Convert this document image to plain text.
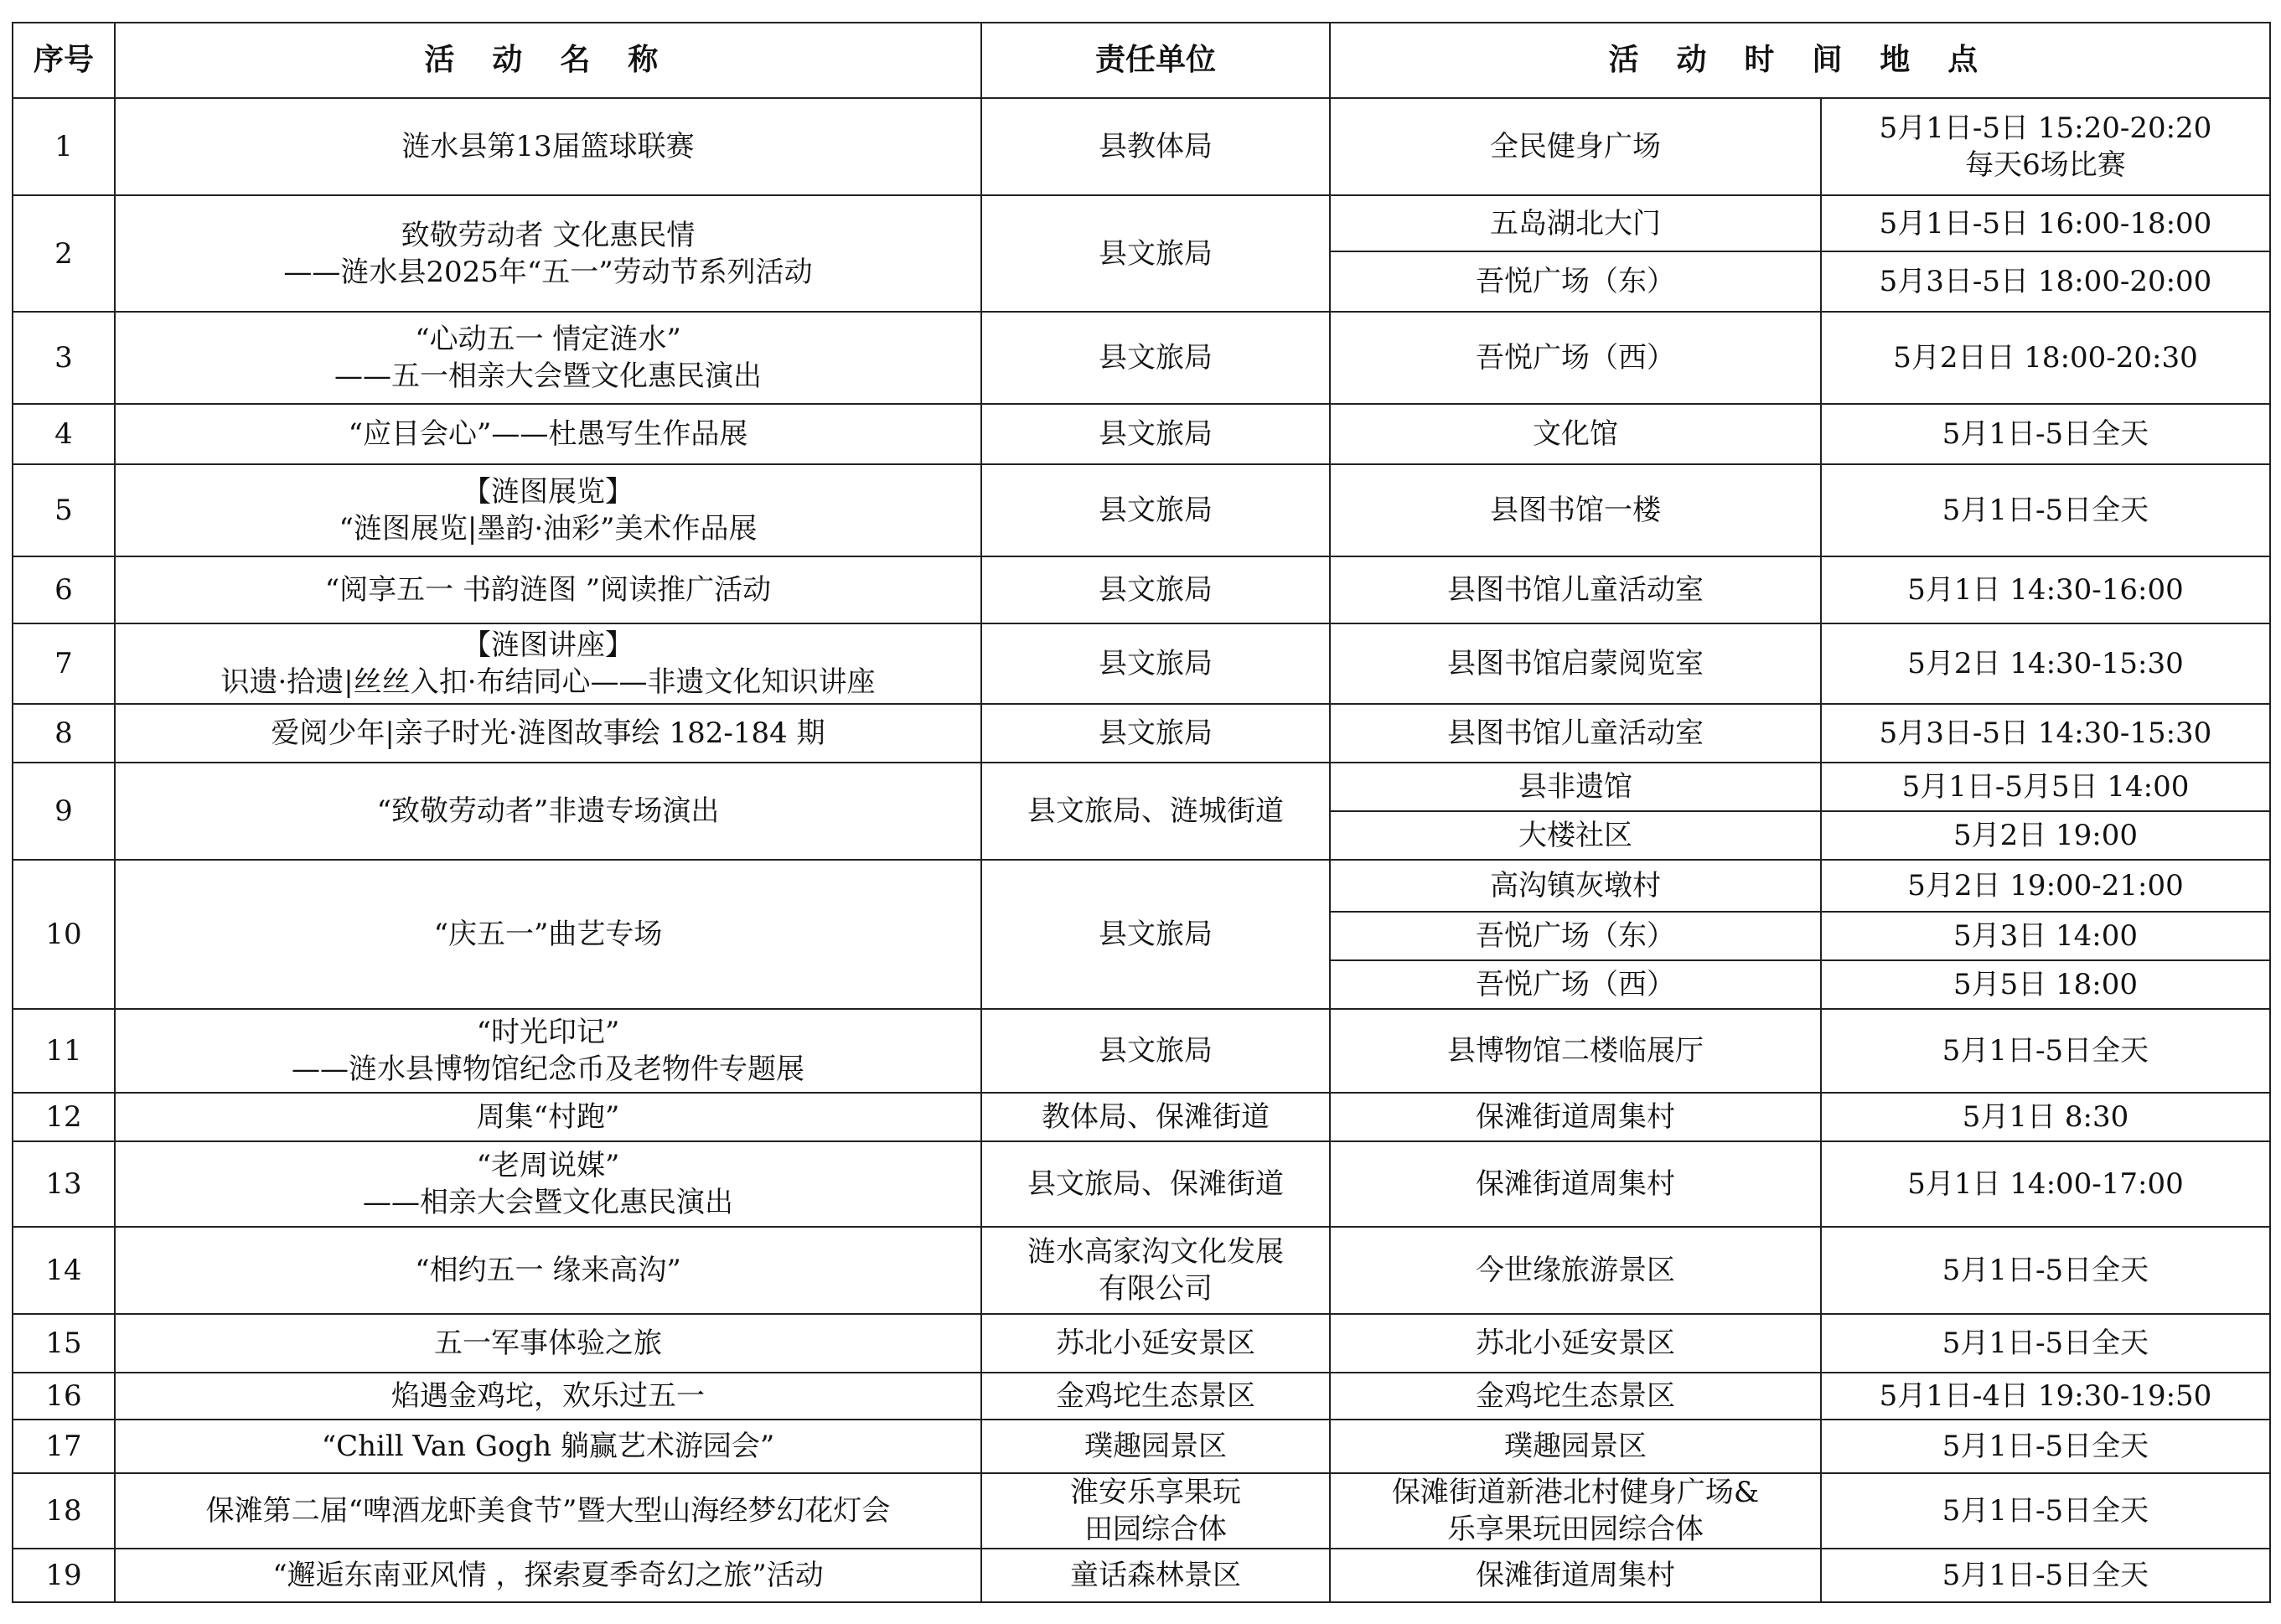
序号	活 动 名 称	责任单位	活 动 时 间 地 点	
1	涟水县第13届篮球联赛	县教体局	全民健身广场	5月1日-5日 15:20-20:20
每天6场比赛

2	致敬劳动者 文化惠民情
——涟水县2025年“五一”劳动节系列活动	县文旅局	五岛湖北大门	5月1日-5日 16:00-18:00

			吾悦广场（东）	5月3日-5日 18:00-20:00

3	“心动五一 情定涟水”
——五一相亲大会暨文化惠民演出	县文旅局	吾悦广场（西）	5月2日日 18:00-20:30

4	“应目会心”——杜愚写生作品展	县文旅局	文化馆	5月1日-5日全天

5	【涟图展览】
“涟图展览|墨韵·油彩”美术作品展	县文旅局	县图书馆一楼	5月1日-5日全天

6	“阅享五一 书韵涟图 ”阅读推广活动	县文旅局	县图书馆儿童活动室	5月1日 14:30-16:00

7	【涟图讲座】
识遗·拾遗|丝丝入扣·布结同心——非遗文化知识讲座	县文旅局	县图书馆启蒙阅览室	5月2日 14:30-15:30

8	爱阅少年|亲子时光·涟图故事绘 182-184 期	县文旅局	县图书馆儿童活动室	5月3日-5日 14:30-15:30

9	“致敬劳动者”非遗专场演出	县文旅局、涟城街道	县非遗馆	5月1日-5月5日 14:00

			大楼社区	5月2日 19:00

10	“庆五一”曲艺专场	县文旅局	高沟镇灰墩村	5月2日 19:00-21:00

			吾悦广场（东）	5月3日 14:00

			吾悦广场（西）	5月5日 18:00

11	“时光印记”
——涟水县博物馆纪念币及老物件专题展	县文旅局	县博物馆二楼临展厅	5月1日-5日全天

12	周集“村跑”	教体局、保滩街道	保滩街道周集村	5月1日 8:30

13	“老周说媒”
——相亲大会暨文化惠民演出	县文旅局、保滩街道	保滩街道周集村	5月1日 14:00-17:00

14	“相约五一 缘来高沟”	涟水高家沟文化发展
有限公司	今世缘旅游景区	5月1日-5日全天

15	五一军事体验之旅	苏北小延安景区	苏北小延安景区	5月1日-5日全天

16	焰遇金鸡坨，欢乐过五一	金鸡坨生态景区	金鸡坨生态景区	5月1日-4日 19:30-19:50

17	“Chill Van Gogh 躺赢艺术游园会”	璞趣园景区	璞趣园景区	5月1日-5日全天

18	保滩第二届“啤酒龙虾美食节”暨大型山海经梦幻花灯会	淮安乐享果玩
田园综合体	保滩街道新港北村健身广场&
乐享果玩田园综合体	5月1日-5日全天

19	“邂逅东南亚风情 ，探索夏季奇幻之旅”活动	童话森林景区	保滩街道周集村	5月1日-5日全天
